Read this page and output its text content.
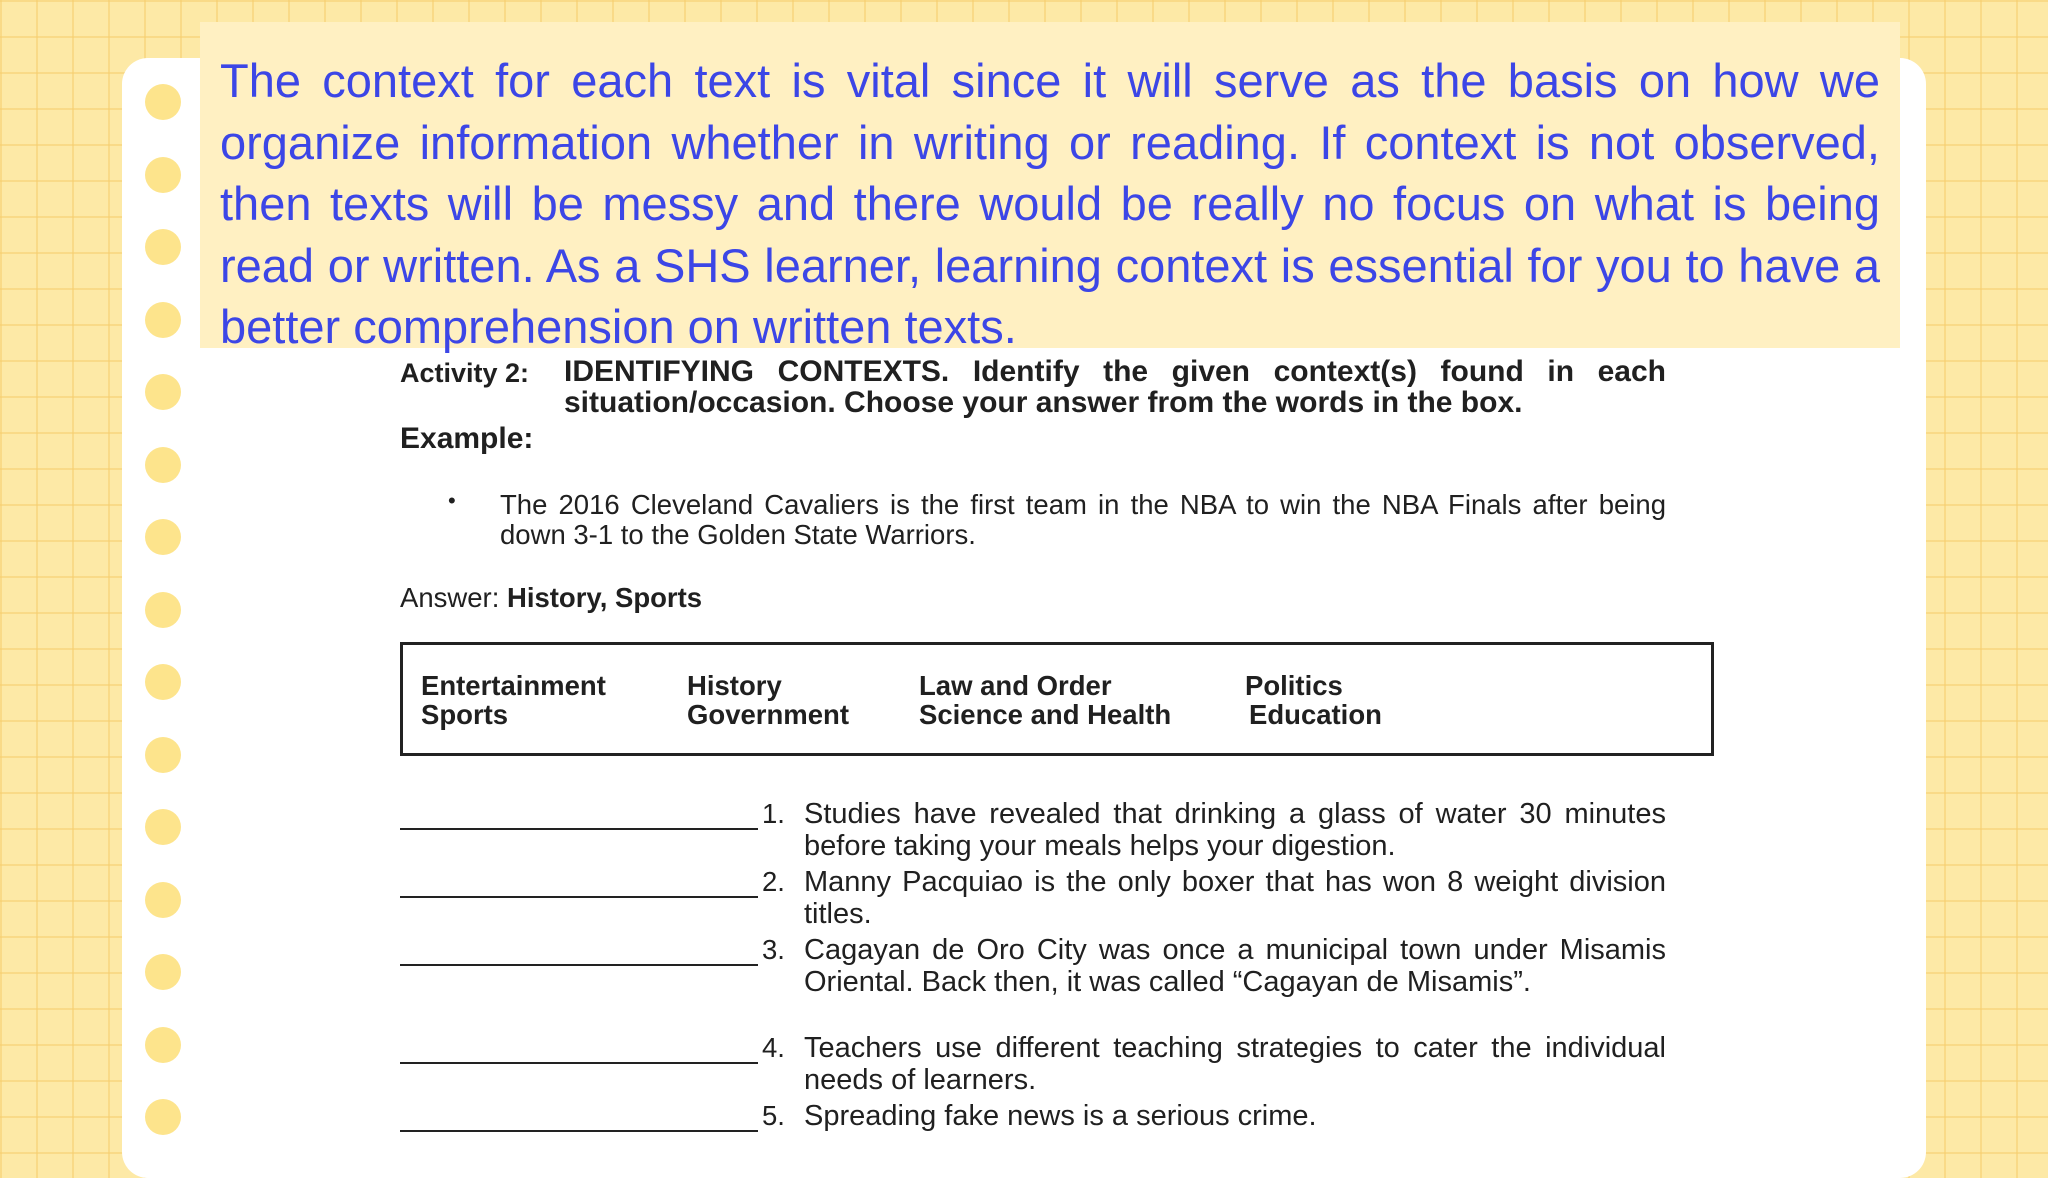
The context for each text is vital since it will serve as the basis on how we organize information whether in writing or reading. If context is not observed, then texts will be messy and there would be really no focus on what is being read or written. As a SHS learner, learning context is essential for you to have a better comprehension on written texts.

Activity 2: IDENTIFYING CONTEXTS. Identify the given context(s) found in each situation/occasion. Choose your answer from the words in the box.
Example:
• The 2016 Cleveland Cavaliers is the first team in the NBA to win the NBA Finals after being down 3-1 to the Golden State Warriors.
Answer: History, Sports
Entertainment
Sports
History
Government
Law and Order
Science and Health
Politics
Education
1. Studies have revealed that drinking a glass of water 30 minutes before taking your meals helps your digestion.
2. Manny Pacquiao is the only boxer that has won 8 weight division titles.
3. Cagayan de Oro City was once a municipal town under Misamis Oriental. Back then, it was called “Cagayan de Misamis”.
4. Teachers use different teaching strategies to cater the individual needs of learners.
5. Spreading fake news is a serious crime.
